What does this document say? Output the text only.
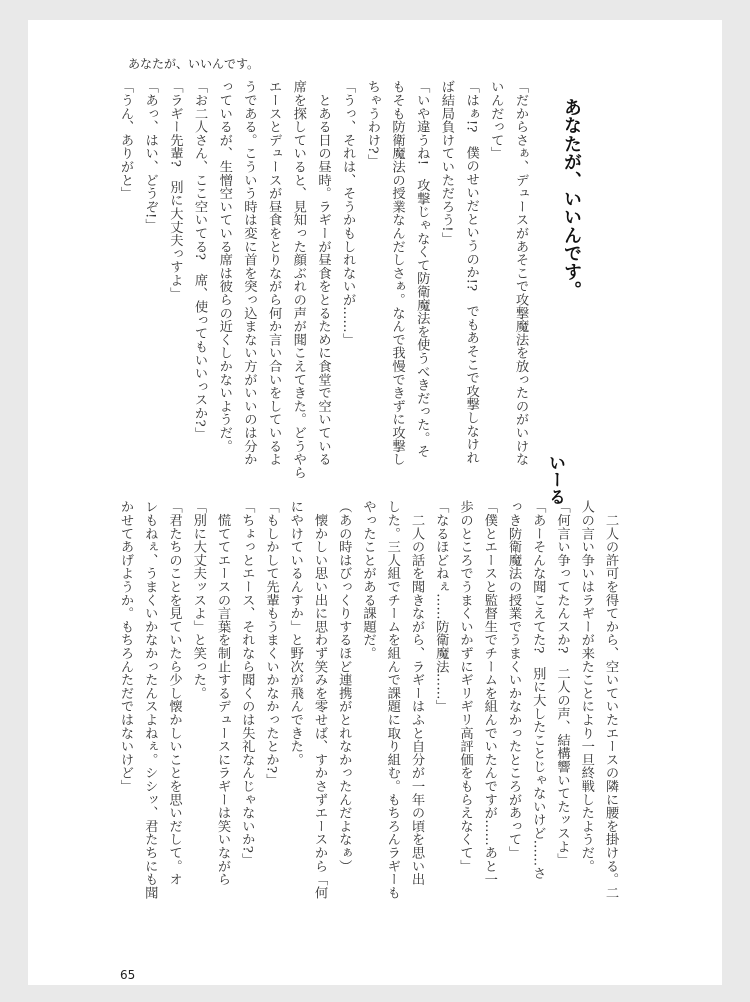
あなたが、いいんです。
あなたが、いいんです。
いーる
65
「だからさぁ、デュースがあそこで攻撃魔法を放ったのがいけな
いんだって」
「はぁ!?　僕のせいだというのか!?　でもあそこで攻撃しなけれ
ば結局負けていただろう!」
「いや違うね!　攻撃じゃなくて防衛魔法を使うべきだった。そ
もそも防衛魔法の授業なんだしさぁ。なんで我慢できずに攻撃し
ちゃうわけ?」
「うっ、それは、そうかもしれないが……」
　とある日の昼時。ラギーが昼食をとるために食堂で空いている
席を探していると、見知った顔ぶれの声が聞こえてきた。どうやら
エースとデュースが昼食をとりながら何か言い合いをしているよ
うである。こういう時は変に首を突っ込まない方がいいのは分か
っているが、生憎空いている席は彼らの近くしかないようだ。
「お二人さん、ここ空いてる?　席、使ってもいいっスか?」
「ラギー先輩?　別に大丈夫っすよ」
「あっ、はい、どうぞ!」
「うん、ありがと」
　二人の許可を得てから、空いていたエースの隣に腰を掛ける。二
人の言い争いはラギーが来たことにより一旦終戦したようだ。
「何言い争ってたんスか?　二人の声、結構響いてたッスよ」
「あーそんな聞こえてた?　別に大したことじゃないけど……さ
っき防衛魔法の授業でうまくいかなかったところがあって」
「僕とエースと監督生でチームを組んでいたんですが……あと一
歩のところでうまくいかずにギリギリ高評価をもらえなくて」
「なるほどねぇ……防衛魔法……」
　二人の話を聞きながら、ラギーはふと自分が一年の頃を思い出
した。三人組でチームを組んで課題に取り組む。もちろんラギーも
やったことがある課題だ。
（あの時はびっくりするほど連携がとれなかったんだよなぁ）
　懐かしい思い出に思わず笑みを零せば、すかさずエースから「何
にやけているんすか」と野次が飛んできた。
「もしかして先輩もうまくいかなかったとか?」
「ちょっとエース、それなら聞くのは失礼なんじゃないか?」
　慌ててエースの言葉を制止するデュースにラギーは笑いながら
「別に大丈夫ッスよ」と笑った。
「君たちのことを見ていたら少し懐かしいことを思いだして。オ
レもねぇ、うまくいかなかったんスよねぇ。シシッ、君たちにも聞
かせてあげようか。もちろんただではないけど」
